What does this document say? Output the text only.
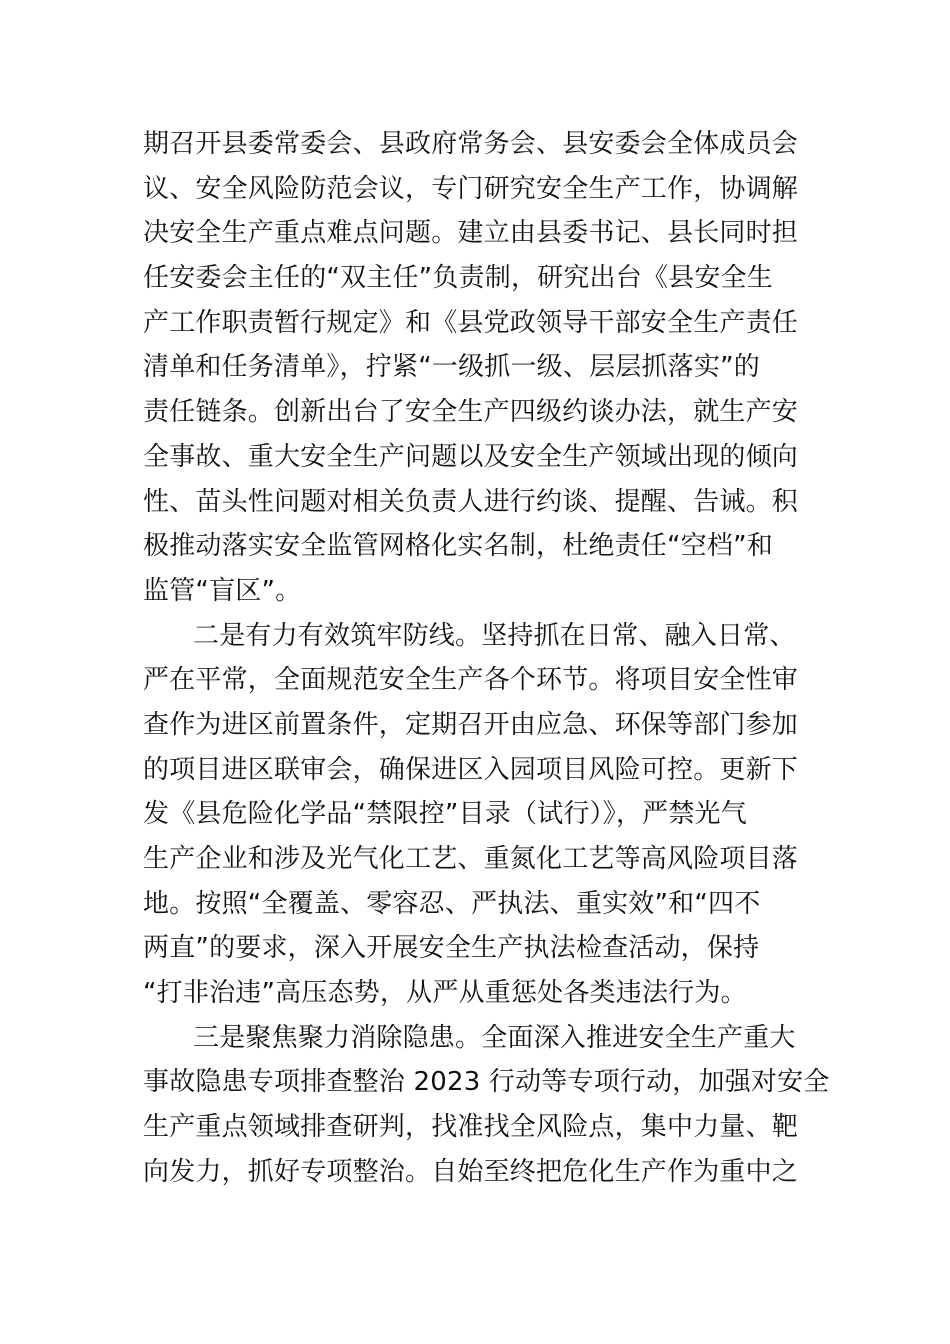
期召开县委常委会、县政府常务会、县安委会全体成员会
议、安全风险防范会议，专门研究安全生产工作，协调解
决安全生产重点难点问题。建立由县委书记、县长同时担
任安委会主任的“双主任”负责制，研究出台《县安全生
产工作职责暂行规定》和《县党政领导干部安全生产责任
清单和任务清单》，拧紧“一级抓一级、层层抓落实”的
责任链条。创新出台了安全生产四级约谈办法，就生产安
全事故、重大安全生产问题以及安全生产领域出现的倾向
性、苗头性问题对相关负责人进行约谈、提醒、告诫。积
极推动落实安全监管网格化实名制，杜绝责任“空档”和
监管“盲区”。
二是有力有效筑牢防线。坚持抓在日常、融入日常、
严在平常，全面规范安全生产各个环节。将项目安全性审
查作为进区前置条件，定期召开由应急、环保等部门参加
的项目进区联审会，确保进区入园项目风险可控。更新下
发《县危险化学品“禁限控”目录（试行）》，严禁光气
生产企业和涉及光气化工艺、重氮化工艺等高风险项目落
地。按照“全覆盖、零容忍、严执法、重实效”和“四不
两直”的要求，深入开展安全生产执法检查活动，保持
“打非治违”高压态势，从严从重惩处各类违法行为。
三是聚焦聚力消除隐患。全面深入推进安全生产重大
事故隐患专项排查整治 2023 行动等专项行动，加强对安全
生产重点领域排查研判，找准找全风险点，集中力量、靶
向发力，抓好专项整治。自始至终把危化生产作为重中之
